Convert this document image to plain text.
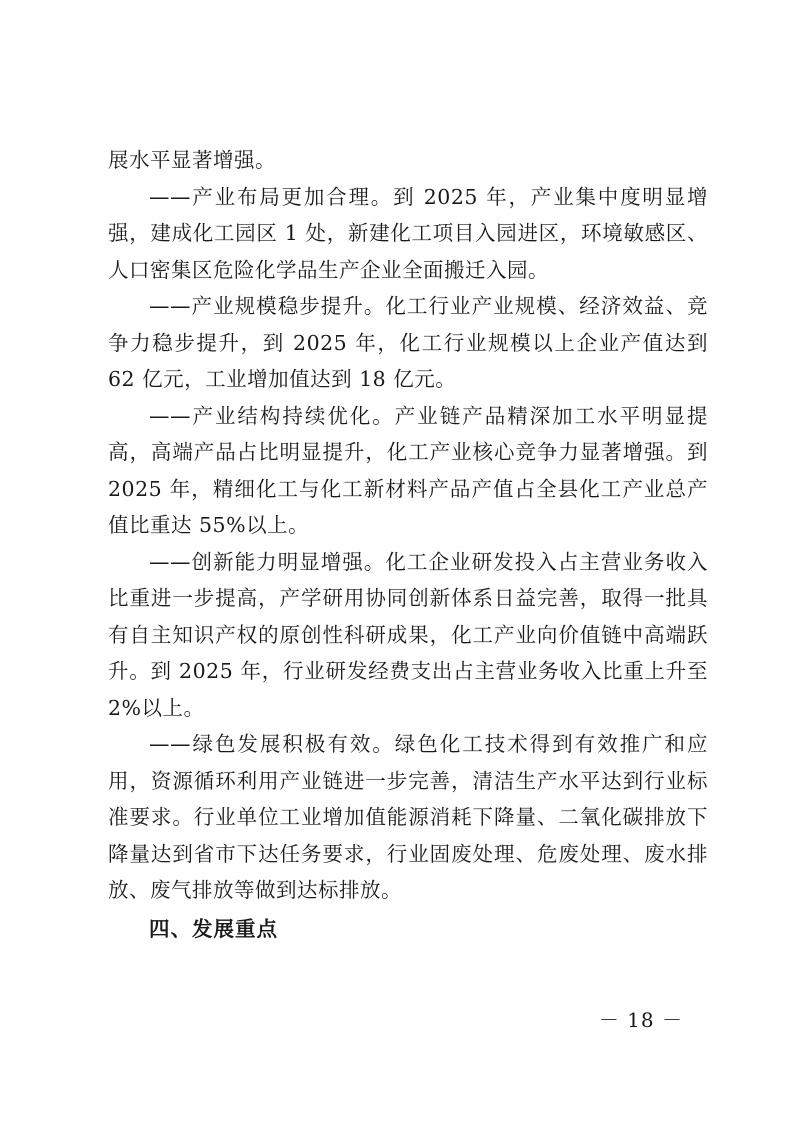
展水平显著增强。

——产业布局更加合理。到 2025 年，产业集中度明显增强，建成化工园区 1 处，新建化工项目入园进区，环境敏感区、人口密集区危险化学品生产企业全面搬迁入园。

——产业规模稳步提升。化工行业产业规模、经济效益、竞争力稳步提升，到 2025 年，化工行业规模以上企业产值达到 62 亿元，工业增加值达到 18 亿元。

——产业结构持续优化。产业链产品精深加工水平明显提高，高端产品占比明显提升，化工产业核心竞争力显著增强。到 2025 年，精细化工与化工新材料产品产值占全县化工产业总产值比重达 55%以上。

——创新能力明显增强。化工企业研发投入占主营业务收入比重进一步提高，产学研用协同创新体系日益完善，取得一批具有自主知识产权的原创性科研成果，化工产业向价值链中高端跃升。到 2025 年，行业研发经费支出占主营业务收入比重上升至 2%以上。

——绿色发展积极有效。绿色化工技术得到有效推广和应用，资源循环利用产业链进一步完善，清洁生产水平达到行业标准要求。行业单位工业增加值能源消耗下降量、二氧化碳排放下降量达到省市下达任务要求，行业固废处理、危废处理、废水排放、废气排放等做到达标排放。

四、发展重点
－ 18 －
